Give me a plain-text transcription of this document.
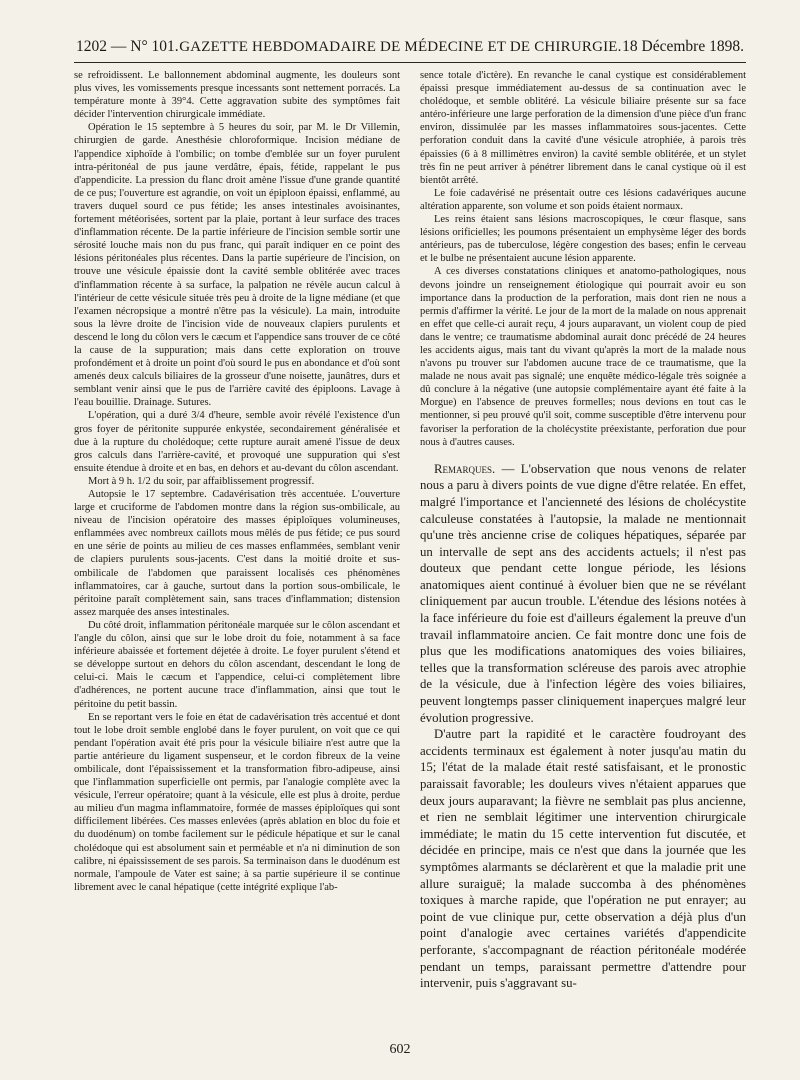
1202 — N° 101. GAZETTE HEBDOMADAIRE DE MÉDECINE ET DE CHIRURGIE. 18 Décembre 1898.

se refroidissent. Le ballonnement abdominal augmente, les douleurs sont plus vives, les vomissements presque incessants sont nettement porracés. La température monte à 39°4. Cette aggravation subite des symptômes fait décider l'intervention chirurgicale immédiate.

Opération le 15 septembre à 5 heures du soir, par M. le Dr Villemin, chirurgien de garde. Anesthésie chloroformique. Incision médiane de l'appendice xiphoïde à l'ombilic; on tombe d'emblée sur un foyer purulent intra-péritonéal de pus jaune verdâtre, épais, fétide, rappelant le pus d'appendicite. La pression du flanc droit amène l'issue d'une grande quantité de ce pus; l'ouverture est agrandie, on voit un épiploon épaissi, enflammé, au travers duquel sourd ce pus fétide; les anses intestinales avoisinantes, fortement météorisées, sortent par la plaie, portant à leur surface des traces d'inflammation récente. De la partie inférieure de l'incision semble sortir une sérosité louche mais non du pus franc, qui paraît indiquer en ce point des lésions péritonéales plus récentes. Dans la partie supérieure de l'incision, on trouve une vésicule épaissie dont la cavité semble oblitérée avec traces d'inflammation récente à sa surface, la palpation ne révèle aucun calcul à l'intérieur de cette vésicule située très peu à droite de la ligne médiane (et que l'examen nécropsique a montré n'être pas la vésicule). La main, introduite sous la lèvre droite de l'incision vide de nouveaux clapiers purulents et descend le long du côlon vers le cæcum et l'appendice sans trouver de ce côté la cause de la suppuration; mais dans cette exploration on trouve profondément et à droite un point d'où sourd le pus en abondance et d'où sont amenés deux calculs biliaires de la grosseur d'une noisette, jaunâtres, durs et semblant venir ainsi que le pus de l'arrière cavité des épiploons. Lavage à l'eau bouillie. Drainage. Sutures.

L'opération, qui a duré 3/4 d'heure, semble avoir révélé l'existence d'un gros foyer de péritonite suppurée enkystée, secondairement généralisée et due à la rupture du cholédoque; cette rupture aurait amené l'issue de deux gros calculs dans l'arrière-cavité, et provoqué une suppuration qui s'est ensuite étendue à droite et en bas, en dehors et au-devant du côlon ascendant.

Mort à 9 h. 1/2 du soir, par affaiblissement progressif.

Autopsie le 17 septembre. Cadavérisation très accentuée. L'ouverture large et cruciforme de l'abdomen montre dans la région sus-ombilicale, au niveau de l'incision opératoire des masses épiploïques volumineuses, enflammées avec nombreux caillots mous mêlés de pus fétide; ce pus sourd en une série de points au milieu de ces masses enflammées, semblant venir de clapiers purulents sous-jacents. C'est dans la moitié droite et sus-ombilicale de l'abdomen que paraissent localisés ces phénomènes inflammatoires, car à gauche, surtout dans la portion sous-ombilicale, le péritoine paraît complètement sain, sans traces d'inflammation; distension assez marquée des anses intestinales.

Du côté droit, inflammation péritonéale marquée sur le côlon ascendant et l'angle du côlon, ainsi que sur le lobe droit du foie, notamment à sa face inférieure abaissée et fortement déjetée à droite. Le foyer purulent s'étend et se développe surtout en dehors du côlon ascendant, descendant le long de celui-ci. Mais le cæcum et l'appendice, celui-ci complètement libre d'adhérences, ne portent aucune trace d'inflammation, ainsi que tout le péritoine du petit bassin.

En se reportant vers le foie en état de cadavérisation très accentué et dont tout le lobe droit semble englobé dans le foyer purulent, on voit que ce qui pendant l'opération avait été pris pour la vésicule biliaire n'est autre que la partie antérieure du ligament suspenseur, et le cordon fibreux de la veine ombilicale, dont l'épaississement et la transformation fibro-adipeuse, ainsi que l'inflammation superficielle ont permis, par l'analogie complète avec la vésicule, l'erreur opératoire; quant à la vésicule, elle est plus à droite, perdue au milieu d'un magma inflammatoire, formée de masses épiploïques qui sont difficilement libérées. Ces masses enlevées (après ablation en bloc du foie et du duodénum) on tombe facilement sur le pédicule hépatique et sur le canal cholédoque qui est absolument sain et perméable et n'a ni diminution de son calibre, ni épaississement de ses parois. Sa terminaison dans le duodénum est normale, l'ampoule de Vater est saine; à sa partie supérieure il se continue librement avec le canal hépatique (cette intégrité explique l'ab-

sence totale d'ictère). En revanche le canal cystique est considérablement épaissi presque immédiatement au-dessus de sa continuation avec le cholédoque, et semble oblitéré. La vésicule biliaire présente sur sa face antéro-inférieure une large perforation de la dimension d'une pièce d'un franc environ, dissimulée par les masses inflammatoires sous-jacentes. Cette perforation conduit dans la cavité d'une vésicule atrophiée, à parois très épaissies (6 à 8 millimètres environ) la cavité semble oblitérée, et un stylet très fin ne peut arriver à pénétrer librement dans le canal cystique où il est bientôt arrêté.

Le foie cadavérisé ne présentait outre ces lésions cadavériques aucune altération apparente, son volume et son poids étaient normaux.

Les reins étaient sans lésions macroscopiques, le cœur flasque, sans lésions orificielles; les poumons présentaient un emphysème léger des bords antérieurs, pas de tuberculose, légère congestion des bases; enfin le cerveau et le bulbe ne présentaient aucune lésion apparente.

A ces diverses constatations cliniques et anatomo-pathologiques, nous devons joindre un renseignement étiologique qui pourrait avoir eu son importance dans la production de la perforation, mais dont rien ne nous a permis d'affirmer la vérité. Le jour de la mort de la malade on nous apprenait en effet que celle-ci aurait reçu, 4 jours auparavant, un violent coup de pied dans le ventre; ce traumatisme abdominal aurait donc précédé de 24 heures les accidents aigus, mais tant du vivant qu'après la mort de la malade nous n'avons pu trouver sur l'abdomen aucune trace de ce traumatisme, que la malade ne nous avait pas signalé; une enquête médico-légale très soignée a dû conclure à la négative (une autopsie complémentaire ayant été faite à la Morgue) en l'absence de preuves formelles; nous devions en tout cas le mentionner, si peu prouvé qu'il soit, comme susceptible d'être intervenu pour favoriser la perforation de la cholécystite préexistante, perforation due pour nous à d'autres causes.

Remarques. — L'observation que nous venons de relater nous a paru à divers points de vue digne d'être relatée. En effet, malgré l'importance et l'ancienneté des lésions de cholécystite calculeuse constatées à l'autopsie, la malade ne mentionnait qu'une très ancienne crise de coliques hépatiques, séparée par un intervalle de sept ans des accidents actuels; il n'est pas douteux que pendant cette longue période, les lésions anatomiques aient continué à évoluer bien que ne se révélant cliniquement par aucun trouble. L'étendue des lésions notées à la face inférieure du foie est d'ailleurs également la preuve d'un travail inflammatoire ancien. Ce fait montre donc une fois de plus que les modifications anatomiques des voies biliaires, telles que la transformation scléreuse des parois avec atrophie de la vésicule, due à l'infection légère des voies biliaires, peuvent longtemps passer cliniquement inaperçues malgré leur évolution progressive.

D'autre part la rapidité et le caractère foudroyant des accidents terminaux est également à noter jusqu'au matin du 15; l'état de la malade était resté satisfaisant, et le pronostic paraissait favorable; les douleurs vives n'étaient apparues que deux jours auparavant; la fièvre ne semblait pas plus ancienne, et rien ne semblait légitimer une intervention chirurgicale immédiate; le matin du 15 cette intervention fut discutée, et décidée en principe, mais ce n'est que dans la journée que les symptômes alarmants se déclarèrent et que la maladie prit une allure suraiguë; la malade succomba à des phénomènes toxiques à marche rapide, que l'opération ne put enrayer; au point de vue clinique pur, cette observation a déjà plus d'un point d'analogie avec certaines variétés d'appendicite perforante, s'accompagnant de réaction péritonéale modérée pendant un temps, paraissant permettre d'attendre pour intervenir, puis s'aggravant su-

602
